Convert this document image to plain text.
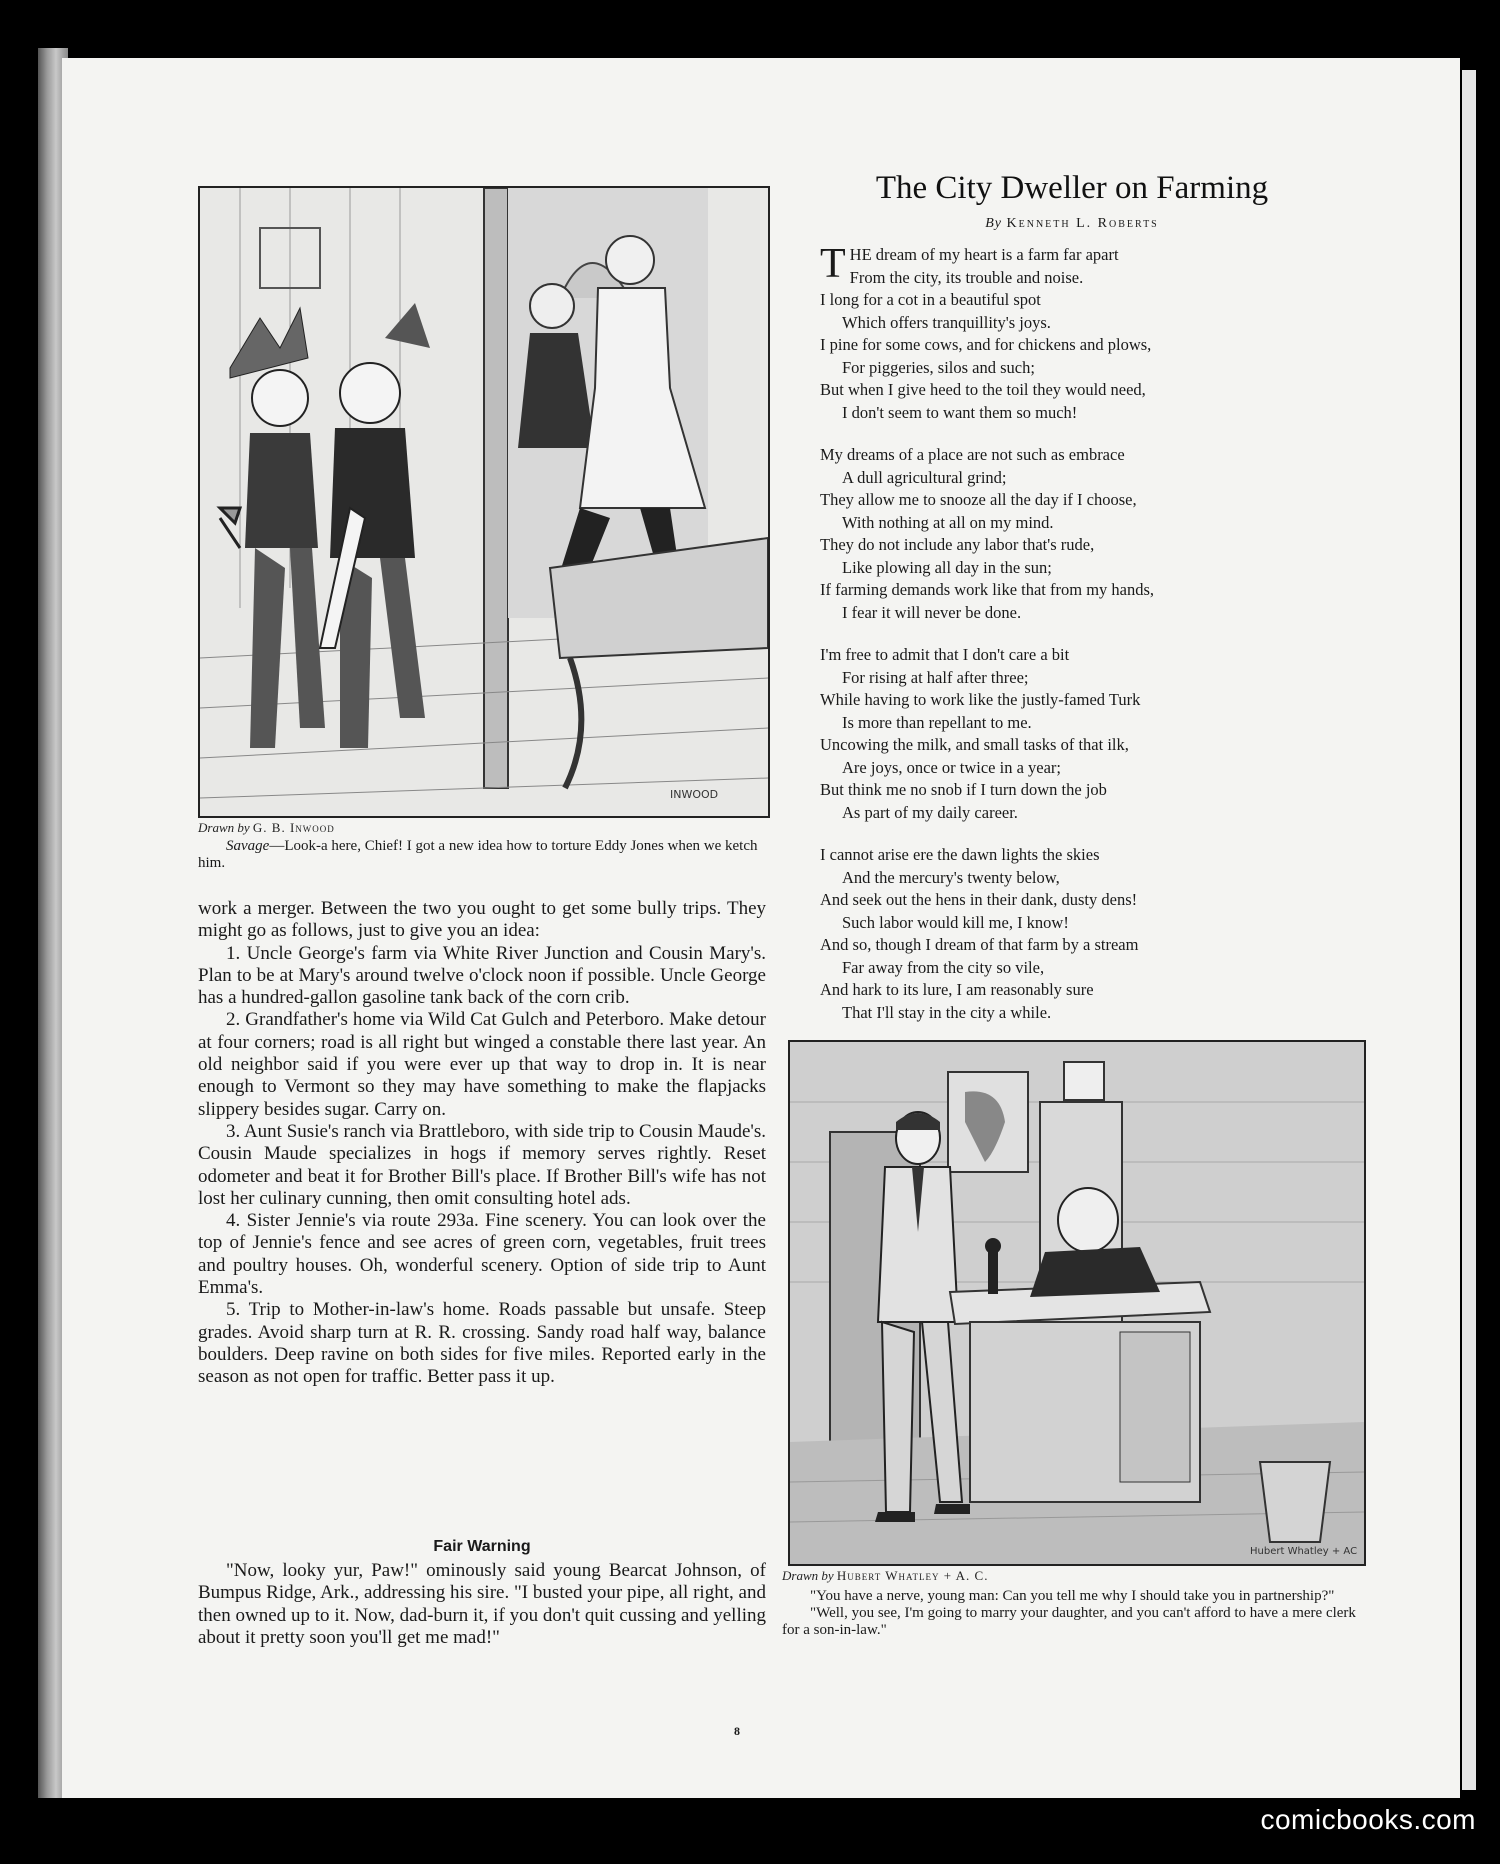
INWOOD
Drawn by G. B. Inwood
Savage—Look-a here, Chief! I got a new idea how to torture Eddy Jones when we ketch him.

work a merger. Between the two you ought to get some bully trips. They might go as follows, just to give you an idea:

1. Uncle George's farm via White River Junction and Cousin Mary's. Plan to be at Mary's around twelve o'clock noon if possible. Uncle George has a hundred-gallon gasoline tank back of the corn crib.

2. Grandfather's home via Wild Cat Gulch and Peterboro. Make detour at four corners; road is all right but winged a constable there last year. An old neighbor said if you were ever up that way to drop in. It is near enough to Vermont so they may have something to make the flapjacks slippery besides sugar. Carry on.

3. Aunt Susie's ranch via Brattleboro, with side trip to Cousin Maude's. Cousin Maude specializes in hogs if memory serves rightly. Reset odometer and beat it for Brother Bill's place. If Brother Bill's wife has not lost her culinary cunning, then omit consulting hotel ads.

4. Sister Jennie's via route 293a. Fine scenery. You can look over the top of Jennie's fence and see acres of green corn, vegetables, fruit trees and poultry houses. Oh, wonderful scenery. Option of side trip to Aunt Emma's.

5. Trip to Mother-in-law's home. Roads passable but unsafe. Steep grades. Avoid sharp turn at R. R. crossing. Sandy road half way, balance boulders. Deep ravine on both sides for five miles. Reported early in the season as not open for traffic. Better pass it up.

Fair Warning
"Now, looky yur, Paw!" ominously said young Bearcat Johnson, of Bumpus Ridge, Ark., addressing his sire. "I busted your pipe, all right, and then owned up to it. Now, dad-burn it, if you don't quit cussing and yelling about it pretty soon you'll get me mad!"
The City Dweller on Farming
By Kenneth L. Roberts
THE dream of my heart is a farm far apart
From the city, its trouble and noise.
I long for a cot in a beautiful spot
Which offers tranquillity's joys.
I pine for some cows, and for chickens and plows,
For piggeries, silos and such;
But when I give heed to the toil they would need,
I don't seem to want them so much!
My dreams of a place are not such as embrace
A dull agricultural grind;
They allow me to snooze all the day if I choose,
With nothing at all on my mind.
They do not include any labor that's rude,
Like plowing all day in the sun;
If farming demands work like that from my hands,
I fear it will never be done.
I'm free to admit that I don't care a bit
For rising at half after three;
While having to work like the justly-famed Turk
Is more than repellant to me.
Uncowing the milk, and small tasks of that ilk,
Are joys, once or twice in a year;
But think me no snob if I turn down the job
As part of my daily career.
I cannot arise ere the dawn lights the skies
And the mercury's twenty below,
And seek out the hens in their dank, dusty dens!
Such labor would kill me, I know!
And so, though I dream of that farm by a stream
Far away from the city so vile,
And hark to its lure, I am reasonably sure
That I'll stay in the city a while.
Hubert Whatley + AC
Drawn by Hubert Whatley + A. C.
"You have a nerve, young man: Can you tell me why I should take you in partnership?"
"Well, you see, I'm going to marry your daughter, and you can't afford to have a mere clerk for a son-in-law."
8
comicbooks.com
